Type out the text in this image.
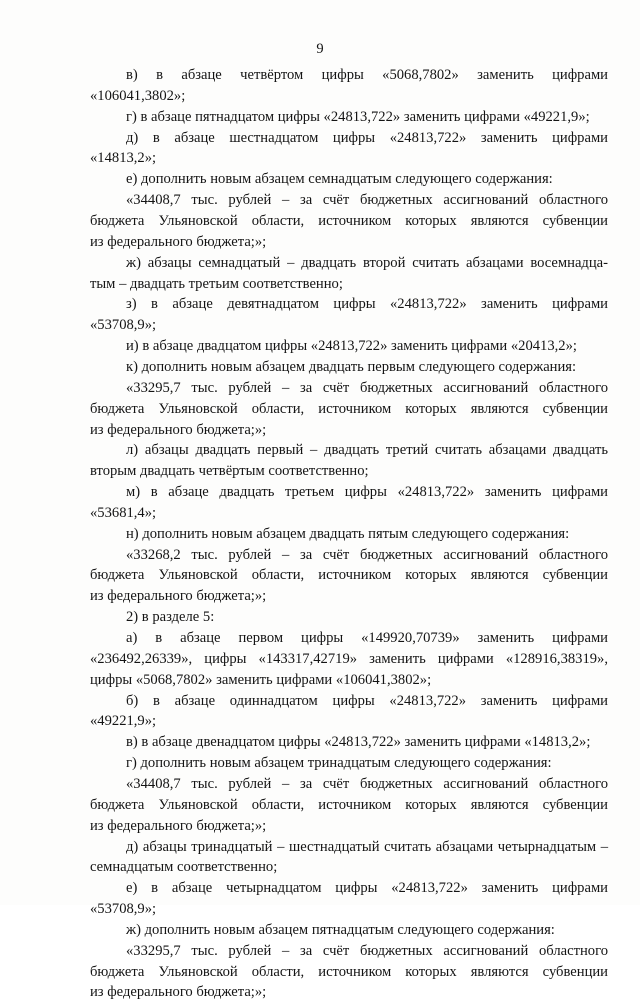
9
в) в абзаце четвёртом цифры «5068,7802» заменить цифрами
«106041,3802»;
г) в абзаце пятнадцатом цифры «24813,722» заменить цифрами «49221,9»;
д) в абзаце шестнадцатом цифры «24813,722» заменить цифрами
«14813,2»;
е) дополнить новым абзацем семнадцатым следующего содержания:
«34408,7 тыс. рублей – за счёт бюджетных ассигнований областного
бюджета Ульяновской области, источником которых являются субвенции
из федерального бюджета;»;
ж) абзацы семнадцатый – двадцать второй считать абзацами восемнадца-
тым – двадцать третьим соответственно;
з) в абзаце девятнадцатом цифры «24813,722» заменить цифрами
«53708,9»;
и) в абзаце двадцатом цифры «24813,722» заменить цифрами «20413,2»;
к) дополнить новым абзацем двадцать первым следующего содержания:
«33295,7 тыс. рублей – за счёт бюджетных ассигнований областного
бюджета Ульяновской области, источником которых являются субвенции
из федерального бюджета;»;
л) абзацы двадцать первый – двадцать третий считать абзацами двадцать
вторым двадцать четвёртым соответственно;
м) в абзаце двадцать третьем цифры «24813,722» заменить цифрами
«53681,4»;
н) дополнить новым абзацем двадцать пятым следующего содержания:
«33268,2 тыс. рублей – за счёт бюджетных ассигнований областного
бюджета Ульяновской области, источником которых являются субвенции
из федерального бюджета;»;
2) в разделе 5:
а) в абзаце первом цифры «149920,70739» заменить цифрами
«236492,26339», цифры «143317,42719» заменить цифрами «128916,38319»,
цифры «5068,7802» заменить цифрами «106041,3802»;
б) в абзаце одиннадцатом цифры «24813,722» заменить цифрами
«49221,9»;
в) в абзаце двенадцатом цифры «24813,722» заменить цифрами «14813,2»;
г) дополнить новым абзацем тринадцатым следующего содержания:
«34408,7 тыс. рублей – за счёт бюджетных ассигнований областного
бюджета Ульяновской области, источником которых являются субвенции
из федерального бюджета;»;
д) абзацы тринадцатый – шестнадцатый считать абзацами четырнадцатым –
семнадцатым соответственно;
е) в абзаце четырнадцатом цифры «24813,722» заменить цифрами
«53708,9»;
ж) дополнить новым абзацем пятнадцатым следующего содержания:
«33295,7 тыс. рублей – за счёт бюджетных ассигнований областного
бюджета Ульяновской области, источником которых являются субвенции
из федерального бюджета;»;
